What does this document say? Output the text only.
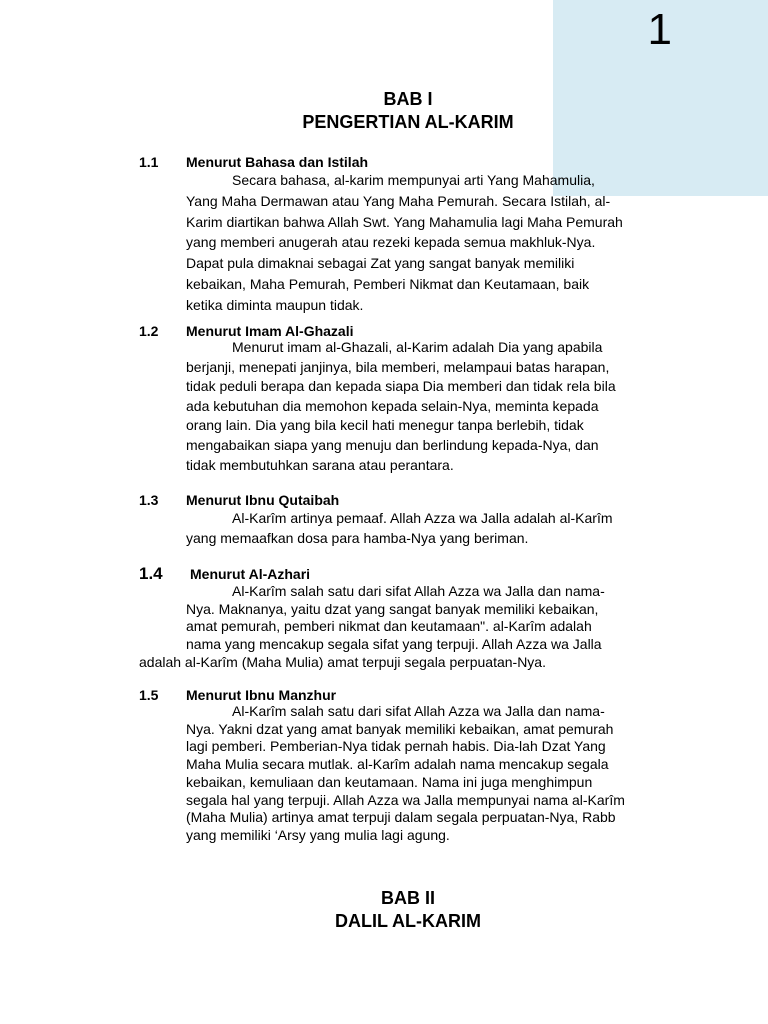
1
BAB I
PENGERTIAN AL-KARIM
1.1 Menurut Bahasa dan Istilah
Secara bahasa, al-karim mempunyai arti Yang Mahamulia,
Yang Maha Dermawan atau Yang Maha Pemurah. Secara Istilah, al-
Karim diartikan bahwa Allah Swt. Yang Mahamulia lagi Maha Pemurah
yang memberi anugerah atau rezeki kepada semua makhluk-Nya.
Dapat pula dimaknai sebagai Zat yang sangat banyak memiliki
kebaikan, Maha Pemurah, Pemberi Nikmat dan Keutamaan, baik
ketika diminta maupun tidak.
1.2 Menurut Imam Al-Ghazali
Menurut imam al-Ghazali, al-Karim adalah Dia yang apabila
berjanji, menepati janjinya, bila memberi, melampaui batas harapan,
tidak peduli berapa dan kepada siapa Dia memberi dan tidak rela bila
ada kebutuhan dia memohon kepada selain-Nya, meminta kepada
orang lain. Dia yang bila kecil hati menegur tanpa berlebih, tidak
mengabaikan siapa yang menuju dan berlindung kepada-Nya, dan
tidak membutuhkan sarana atau perantara.
1.3 Menurut Ibnu Qutaibah
Al-Karîm artinya pemaaf. Allah Azza wa Jalla adalah al-Karîm
yang memaafkan dosa para hamba-Nya yang beriman.
1.4 Menurut Al-Azhari
Al-Karîm salah satu dari sifat Allah Azza wa Jalla dan nama-
Nya. Maknanya, yaitu dzat yang sangat banyak memiliki kebaikan,
amat pemurah, pemberi nikmat dan keutamaan". al-Karîm adalah
nama yang mencakup segala sifat yang terpuji. Allah Azza wa Jalla
adalah al-Karîm (Maha Mulia) amat terpuji segala perpuatan-Nya.
1.5 Menurut Ibnu Manzhur
Al-Karîm salah satu dari sifat Allah Azza wa Jalla dan nama-
Nya. Yakni dzat yang amat banyak memiliki kebaikan, amat pemurah
lagi pemberi. Pemberian-Nya tidak pernah habis. Dia-lah Dzat Yang
Maha Mulia secara mutlak. al-Karîm adalah nama mencakup segala
kebaikan, kemuliaan dan keutamaan. Nama ini juga menghimpun
segala hal yang terpuji. Allah Azza wa Jalla mempunyai nama al-Karîm
(Maha Mulia) artinya amat terpuji dalam segala perpuatan-Nya, Rabb
yang memiliki ‘Arsy yang mulia lagi agung.
BAB II
DALIL AL-KARIM
